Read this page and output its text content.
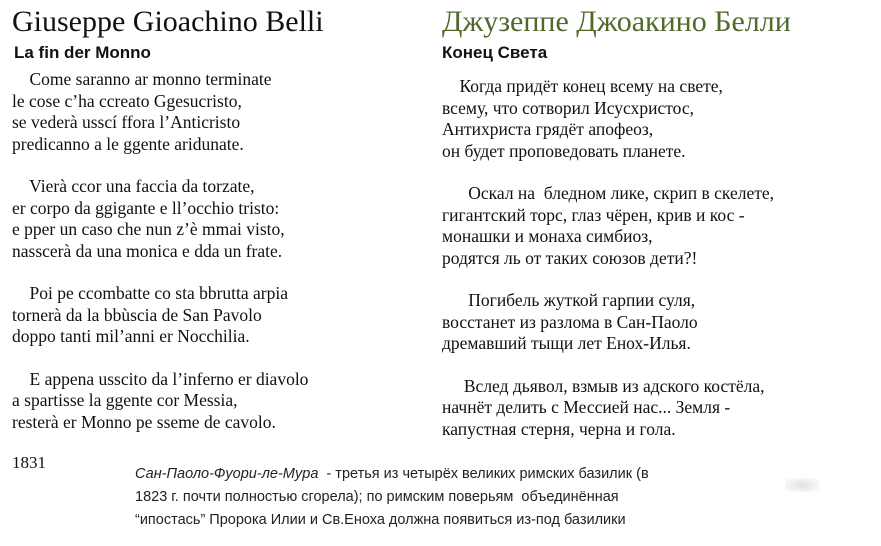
Giuseppe Gioachino Belli
La fin der Monno
Come saranno ar monno terminate
le cose c’ha ccreato Ggesucristo,
se vederà usscí ffora l’Anticristo
predicanno a le ggente aridunate.
Vierà ccor una faccia da torzate,
er corpo da ggigante e ll’occhio tristo:
e pper un caso che nun z’è mmai visto,
nasscerà da una monica e dda un frate.
Poi pe ccombatte co sta bbrutta arpia
tornerà da la bbùscia de San Pavolo
doppo tanti mil’anni er Nocchilia.
E appena usscito da l’inferno er diavolo
a spartisse la ggente cor Messia,
resterà er Monno pe sseme de cavolo.
Джузеппе Джоакино Белли
Конец Света
Когда придёт конец всему на свете,
всему, что сотворил Исусхристос,
Антихриста грядёт апофеоз,
он будет проповедовать планете.
Оскал на  бледном лике, скрип в скелете,
гигантский торс, глаз чёрен, крив и кос -
монашки и монаха симбиоз,
родятся ль от таких союзов дети?!
Погибель жуткой гарпии суля,
восстанет из разлома в Сан-Паоло
дремавший тыщи лет Енох-Илья.
Вслед дьявол, взмыв из адского костёла,
начнёт делить с Мессией нас... Земля -
капустная стерня, черна и гола.
1831
Сан-Паоло-Фуори-ле-Мура  - третья из четырёх великих римских базилик (в
1823 г. почти полностью сгорела); по римским поверьям  объединённая
“ипостась” Пророка Илии и Св.Еноха должна появиться из-под базилики
